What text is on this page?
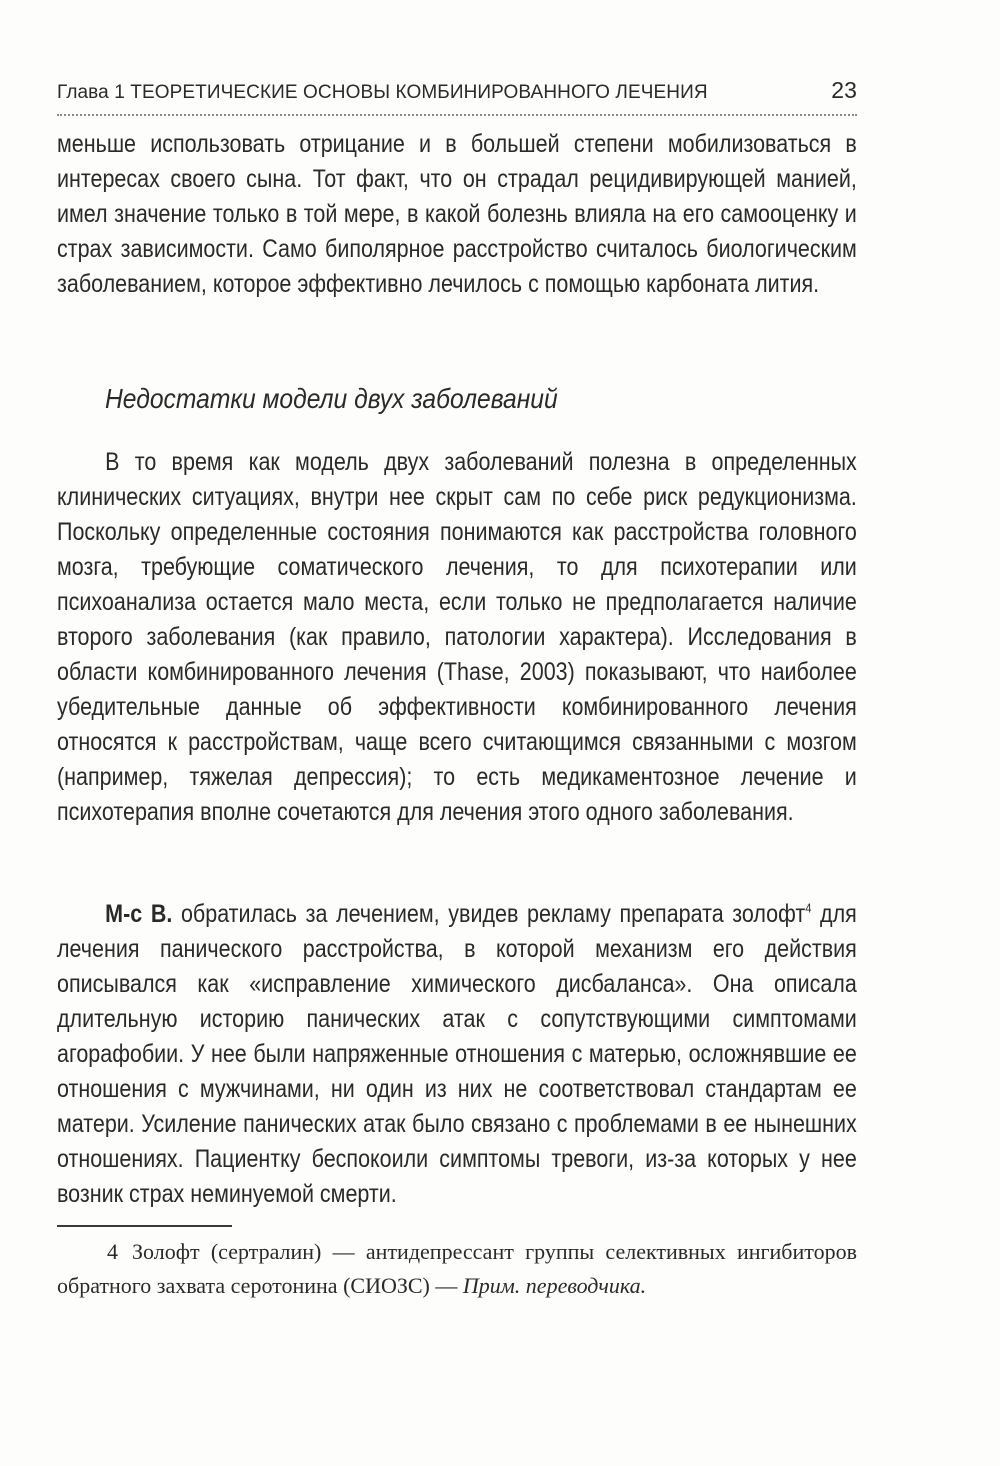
Глава 1 ТЕОРЕТИЧЕСКИЕ ОСНОВЫ КОМБИНИРОВАННОГО ЛЕЧЕНИЯ	23

меньше использовать отрицание и в большей степени мобилизоваться в интересах своего сына. Тот факт, что он страдал рецидивирующей манией, имел значение только в той мере, в какой болезнь влияла на его самооценку и страх зависимости. Само биполярное расстройство считалось биологическим заболеванием, которое эффективно лечилось с помощью карбоната лития.

Недостатки модели двух заболеваний

В то время как модель двух заболеваний полезна в определенных клинических ситуациях, внутри нее скрыт сам по себе риск редукционизма. Поскольку определенные состояния понимаются как расстройства головного мозга, требующие соматического лечения, то для психотерапии или психоанализа остается мало места, если только не предполагается наличие второго заболевания (как правило, патологии характера). Исследования в области комбинированного лечения (Thase, 2003) показывают, что наиболее убедительные данные об эффективности комбинированного лечения относятся к расстройствам, чаще всего считающимся связанными с мозгом (например, тяжелая депрессия); то есть медикаментозное лечение и психотерапия вполне сочетаются для лечения этого одного заболевания.

М-с В. обратилась за лечением, увидев рекламу препарата золофт$^4$ для лечения панического расстройства, в которой механизм его действия описывался как «исправление химического дисбаланса». Она описала длительную историю панических атак с сопутствующими симптомами агорафобии. У нее были напряженные отношения с матерью, осложнявшие ее отношения с мужчинами, ни один из них не соответствовал стандартам ее матери. Усиление панических атак было связано с проблемами в ее нынешних отношениях. Пациентку беспокоили симптомы тревоги, из-за которых у нее возник страх неминуемой смерти.

4 Золофт (сертралин) — антидепрессант группы селективных ингибиторов обратного захвата серотонина (СИОЗС) — Прим. переводчика.
